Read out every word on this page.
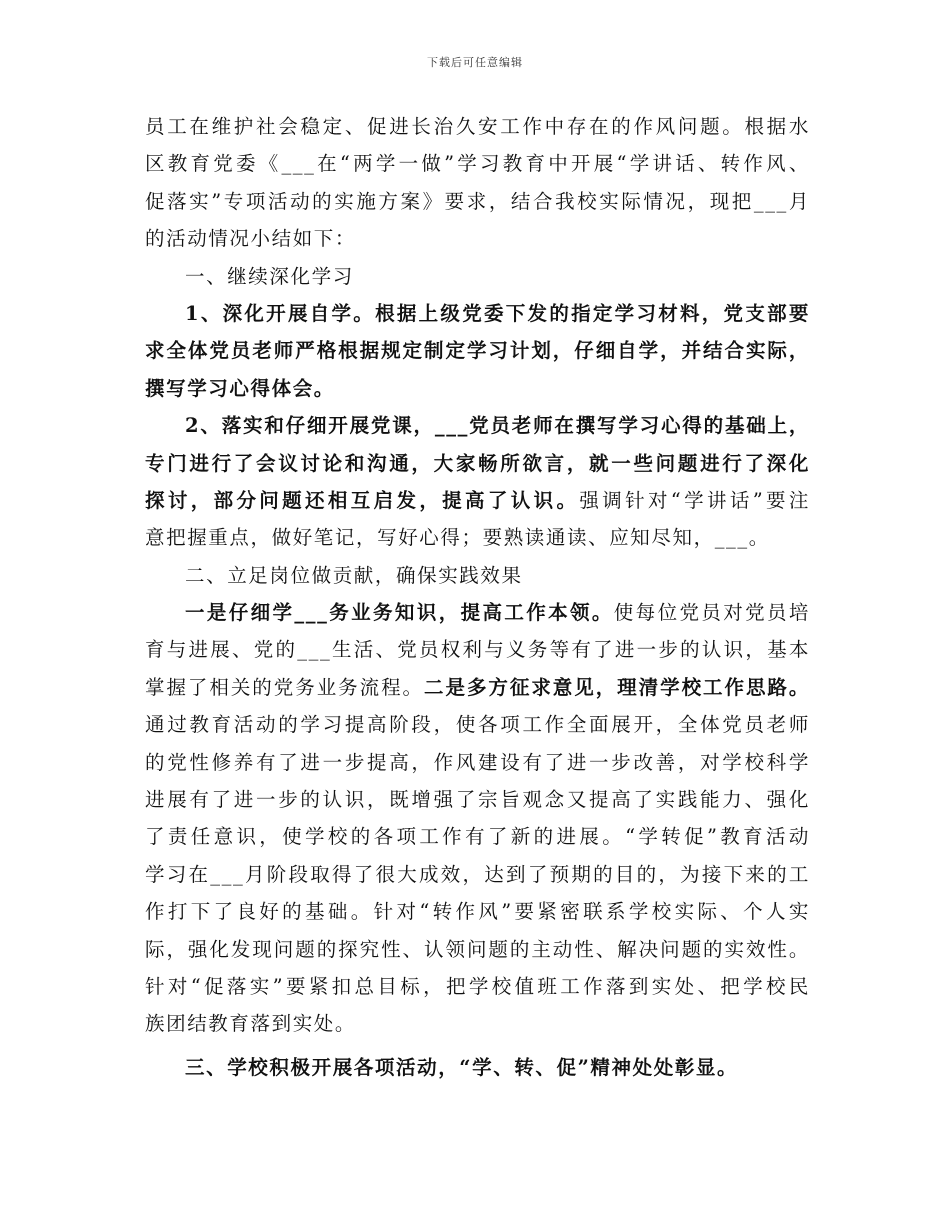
下载后可任意编辑
员工在维护社会稳定、促进长治久安工作中存在的作风问题。根据水
区教育党委《___在“两学一做”学习教育中开展“学讲话、转作风、
促落实”专项活动的实施方案》要求，结合我校实际情况，现把___月
的活动情况小结如下：
一、继续深化学习
1、深化开展自学。根据上级党委下发的指定学习材料，党支部要
求全体党员老师严格根据规定制定学习计划，仔细自学，并结合实际，
撰写学习心得体会。
2、落实和仔细开展党课，___党员老师在撰写学习心得的基础上，
专门进行了会议讨论和沟通，大家畅所欲言，就一些问题进行了深化
探讨，部分问题还相互启发，提高了认识。强调针对“学讲话”要注
意把握重点，做好笔记，写好心得；要熟读通读、应知尽知，___。
二、立足岗位做贡献，确保实践效果
一是仔细学___务业务知识，提高工作本领。使每位党员对党员培
育与进展、党的___生活、党员权利与义务等有了进一步的认识，基本
掌握了相关的党务业务流程。二是多方征求意见，理清学校工作思路。
通过教育活动的学习提高阶段，使各项工作全面展开，全体党员老师
的党性修养有了进一步提高，作风建设有了进一步改善，对学校科学
进展有了进一步的认识，既增强了宗旨观念又提高了实践能力、强化
了责任意识，使学校的各项工作有了新的进展。“学转促”教育活动
学习在___月阶段取得了很大成效，达到了预期的目的，为接下来的工
作打下了良好的基础。针对“转作风”要紧密联系学校实际、个人实
际，强化发现问题的探究性、认领问题的主动性、解决问题的实效性。
针对“促落实”要紧扣总目标，把学校值班工作落到实处、把学校民
族团结教育落到实处。
三、学校积极开展各项活动，“学、转、促”精神处处彰显。
